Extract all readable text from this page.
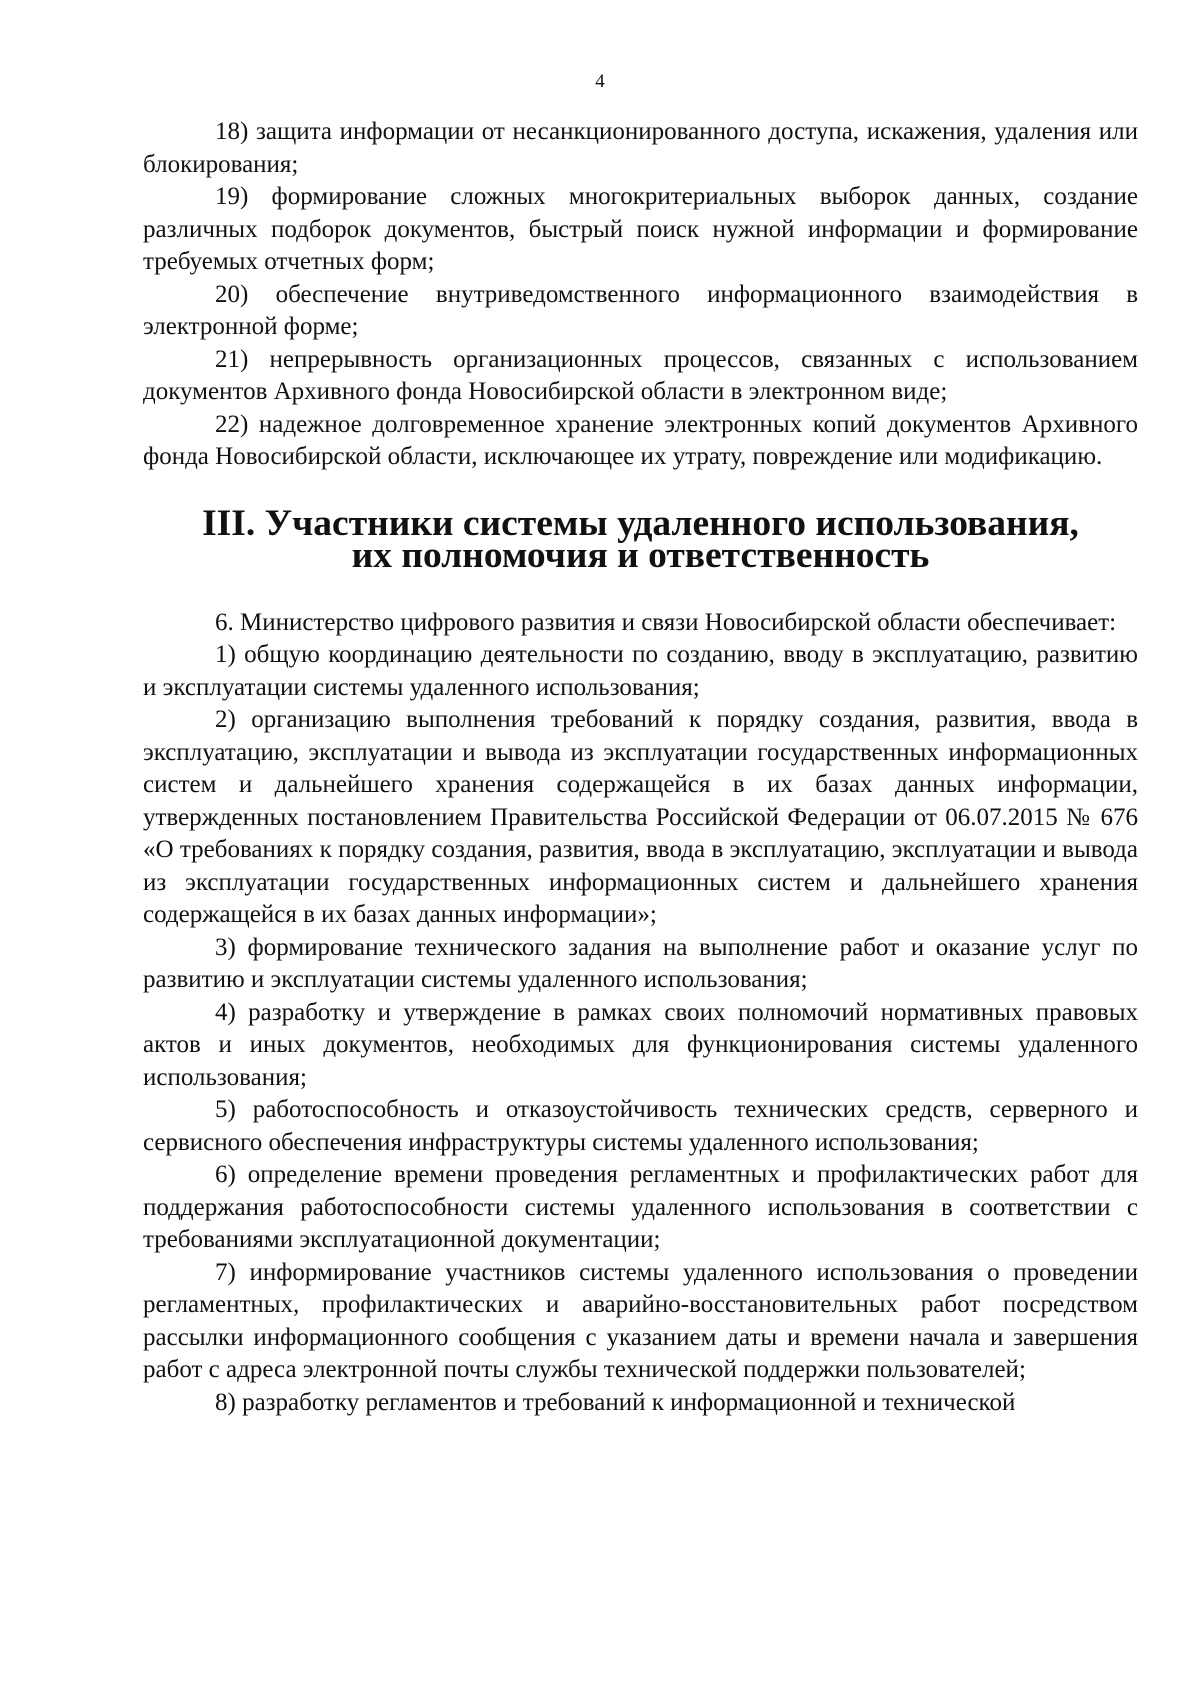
4

18) защита информации от несанкционированного доступа, искажения, удаления или блокирования;

19) формирование сложных многокритериальных выборок данных, создание различных подборок документов, быстрый поиск нужной информации и формирование требуемых отчетных форм;

20) обеспечение внутриведомственного информационного взаимодействия в электронной форме;

21) непрерывность организационных процессов, связанных с использованием документов Архивного фонда Новосибирской области в электронном виде;

22) надежное долговременное хранение электронных копий документов Архивного фонда Новосибирской области, исключающее их утрату, повреждение или модификацию.

III. Участники системы удаленного использования, их полномочия и ответственность

6. Министерство цифрового развития и связи Новосибирской области обеспечивает:

1) общую координацию деятельности по созданию, вводу в эксплуатацию, развитию и эксплуатации системы удаленного использования;

2) организацию выполнения требований к порядку создания, развития, ввода в эксплуатацию, эксплуатации и вывода из эксплуатации государственных информационных систем и дальнейшего хранения содержащейся в их базах данных информации, утвержденных постановлением Правительства Российской Федерации от 06.07.2015 № 676 «О требованиях к порядку создания, развития, ввода в эксплуатацию, эксплуатации и вывода из эксплуатации государственных информационных систем и дальнейшего хранения содержащейся в их базах данных информации»;

3) формирование технического задания на выполнение работ и оказание услуг по развитию и эксплуатации системы удаленного использования;

4) разработку и утверждение в рамках своих полномочий нормативных правовых актов и иных документов, необходимых для функционирования системы удаленного использования;

5) работоспособность и отказоустойчивость технических средств, серверного и сервисного обеспечения инфраструктуры системы удаленного использования;

6) определение времени проведения регламентных и профилактических работ для поддержания работоспособности системы удаленного использования в соответствии с требованиями эксплуатационной документации;

7) информирование участников системы удаленного использования о проведении регламентных, профилактических и аварийно-восстановительных работ посредством рассылки информационного сообщения с указанием даты и времени начала и завершения работ с адреса электронной почты службы технической поддержки пользователей;

8) разработку регламентов и требований к информационной и технической
